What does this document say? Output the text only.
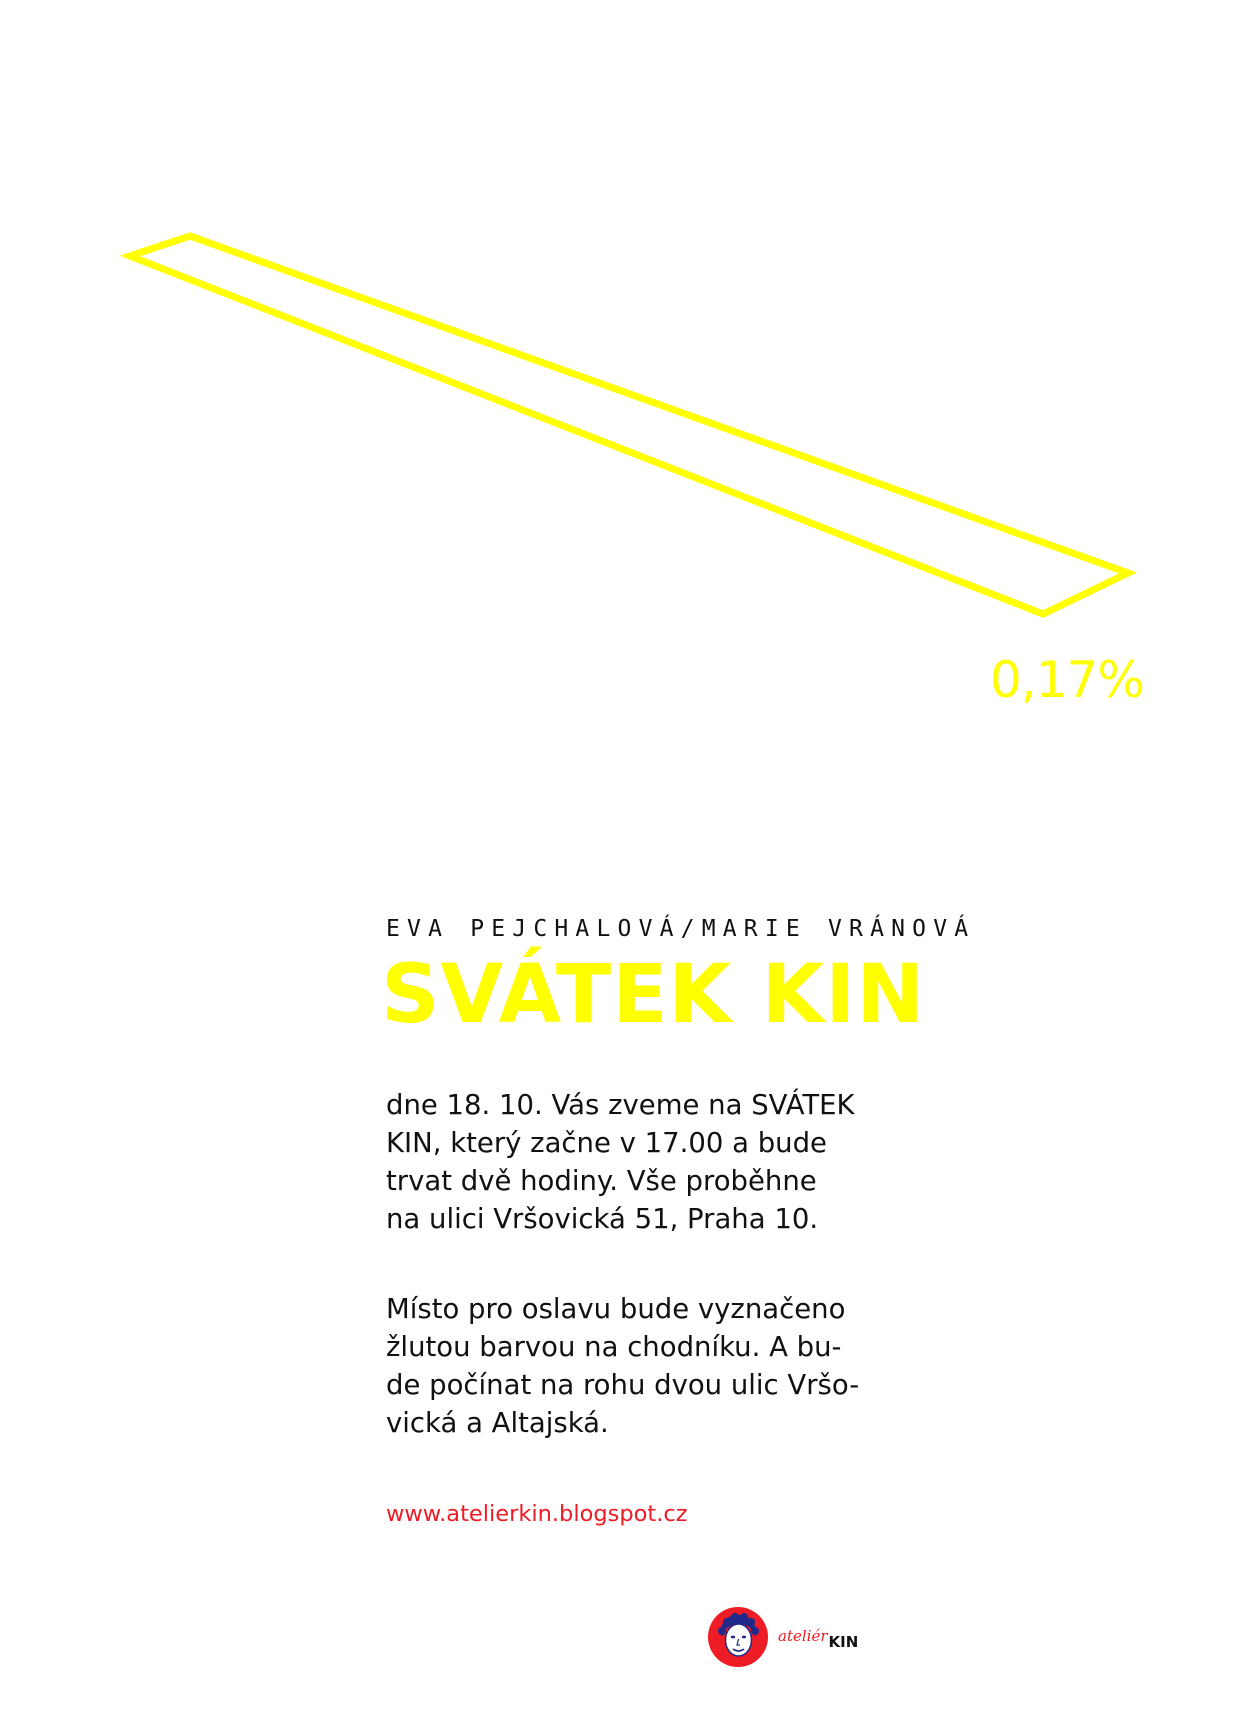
0,17%
EVA PEJCHALOVÁ/MARIE VRÁNOVÁ
SVÁTEK KIN

dne 18. 10. Vás zveme na SVÁTEK
KIN, který začne v 17.00 a bude
trvat dvě hodiny. Vše proběhne
na ulici Vršovická 51, Praha 10.

Místo pro oslavu bude vyznačeno
žlutou barvou na chodníku. A bu-
de počínat na rohu dvou ulic Vršo-
vická a Altajská.

www.atelierkin.blogspot.cz
ateliérKIN
